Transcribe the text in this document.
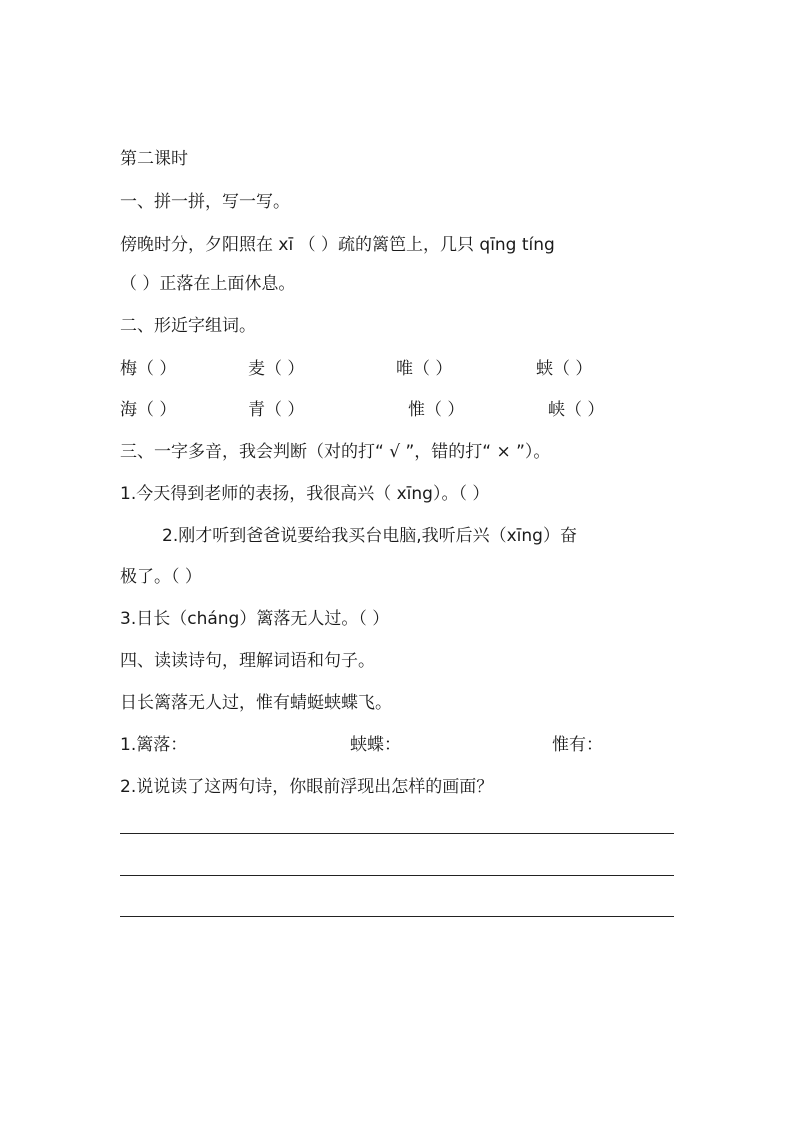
第二课时
一、拼一拼，写一写。
傍晚时分，夕阳照在 xī （ ）疏的篱笆上，几只 qīng tíng
（ ）正落在上面休息。
二、形近字组词。
梅（ ）	麦（ ）	唯（ ）	蛱（ ）
海（ ）	青（ ）	惟（ ）	峡（ ）
三、一字多音，我会判断（对的打“ √ ”，错的打“ × ”）。
1.今天得到老师的表扬，我很高兴（ xīng）。（ ）
2.刚才听到爸爸说要给我买台电脑,我听后兴（xīng）奋
极了。（ ）
3.日长（cháng）篱落无人过。（ ）
四、读读诗句，理解词语和句子。
日长篱落无人过，惟有蜻蜓蛱蝶飞。
1.篱落：	蛱蝶：	惟有：
2.说说读了这两句诗，你眼前浮现出怎样的画面？
